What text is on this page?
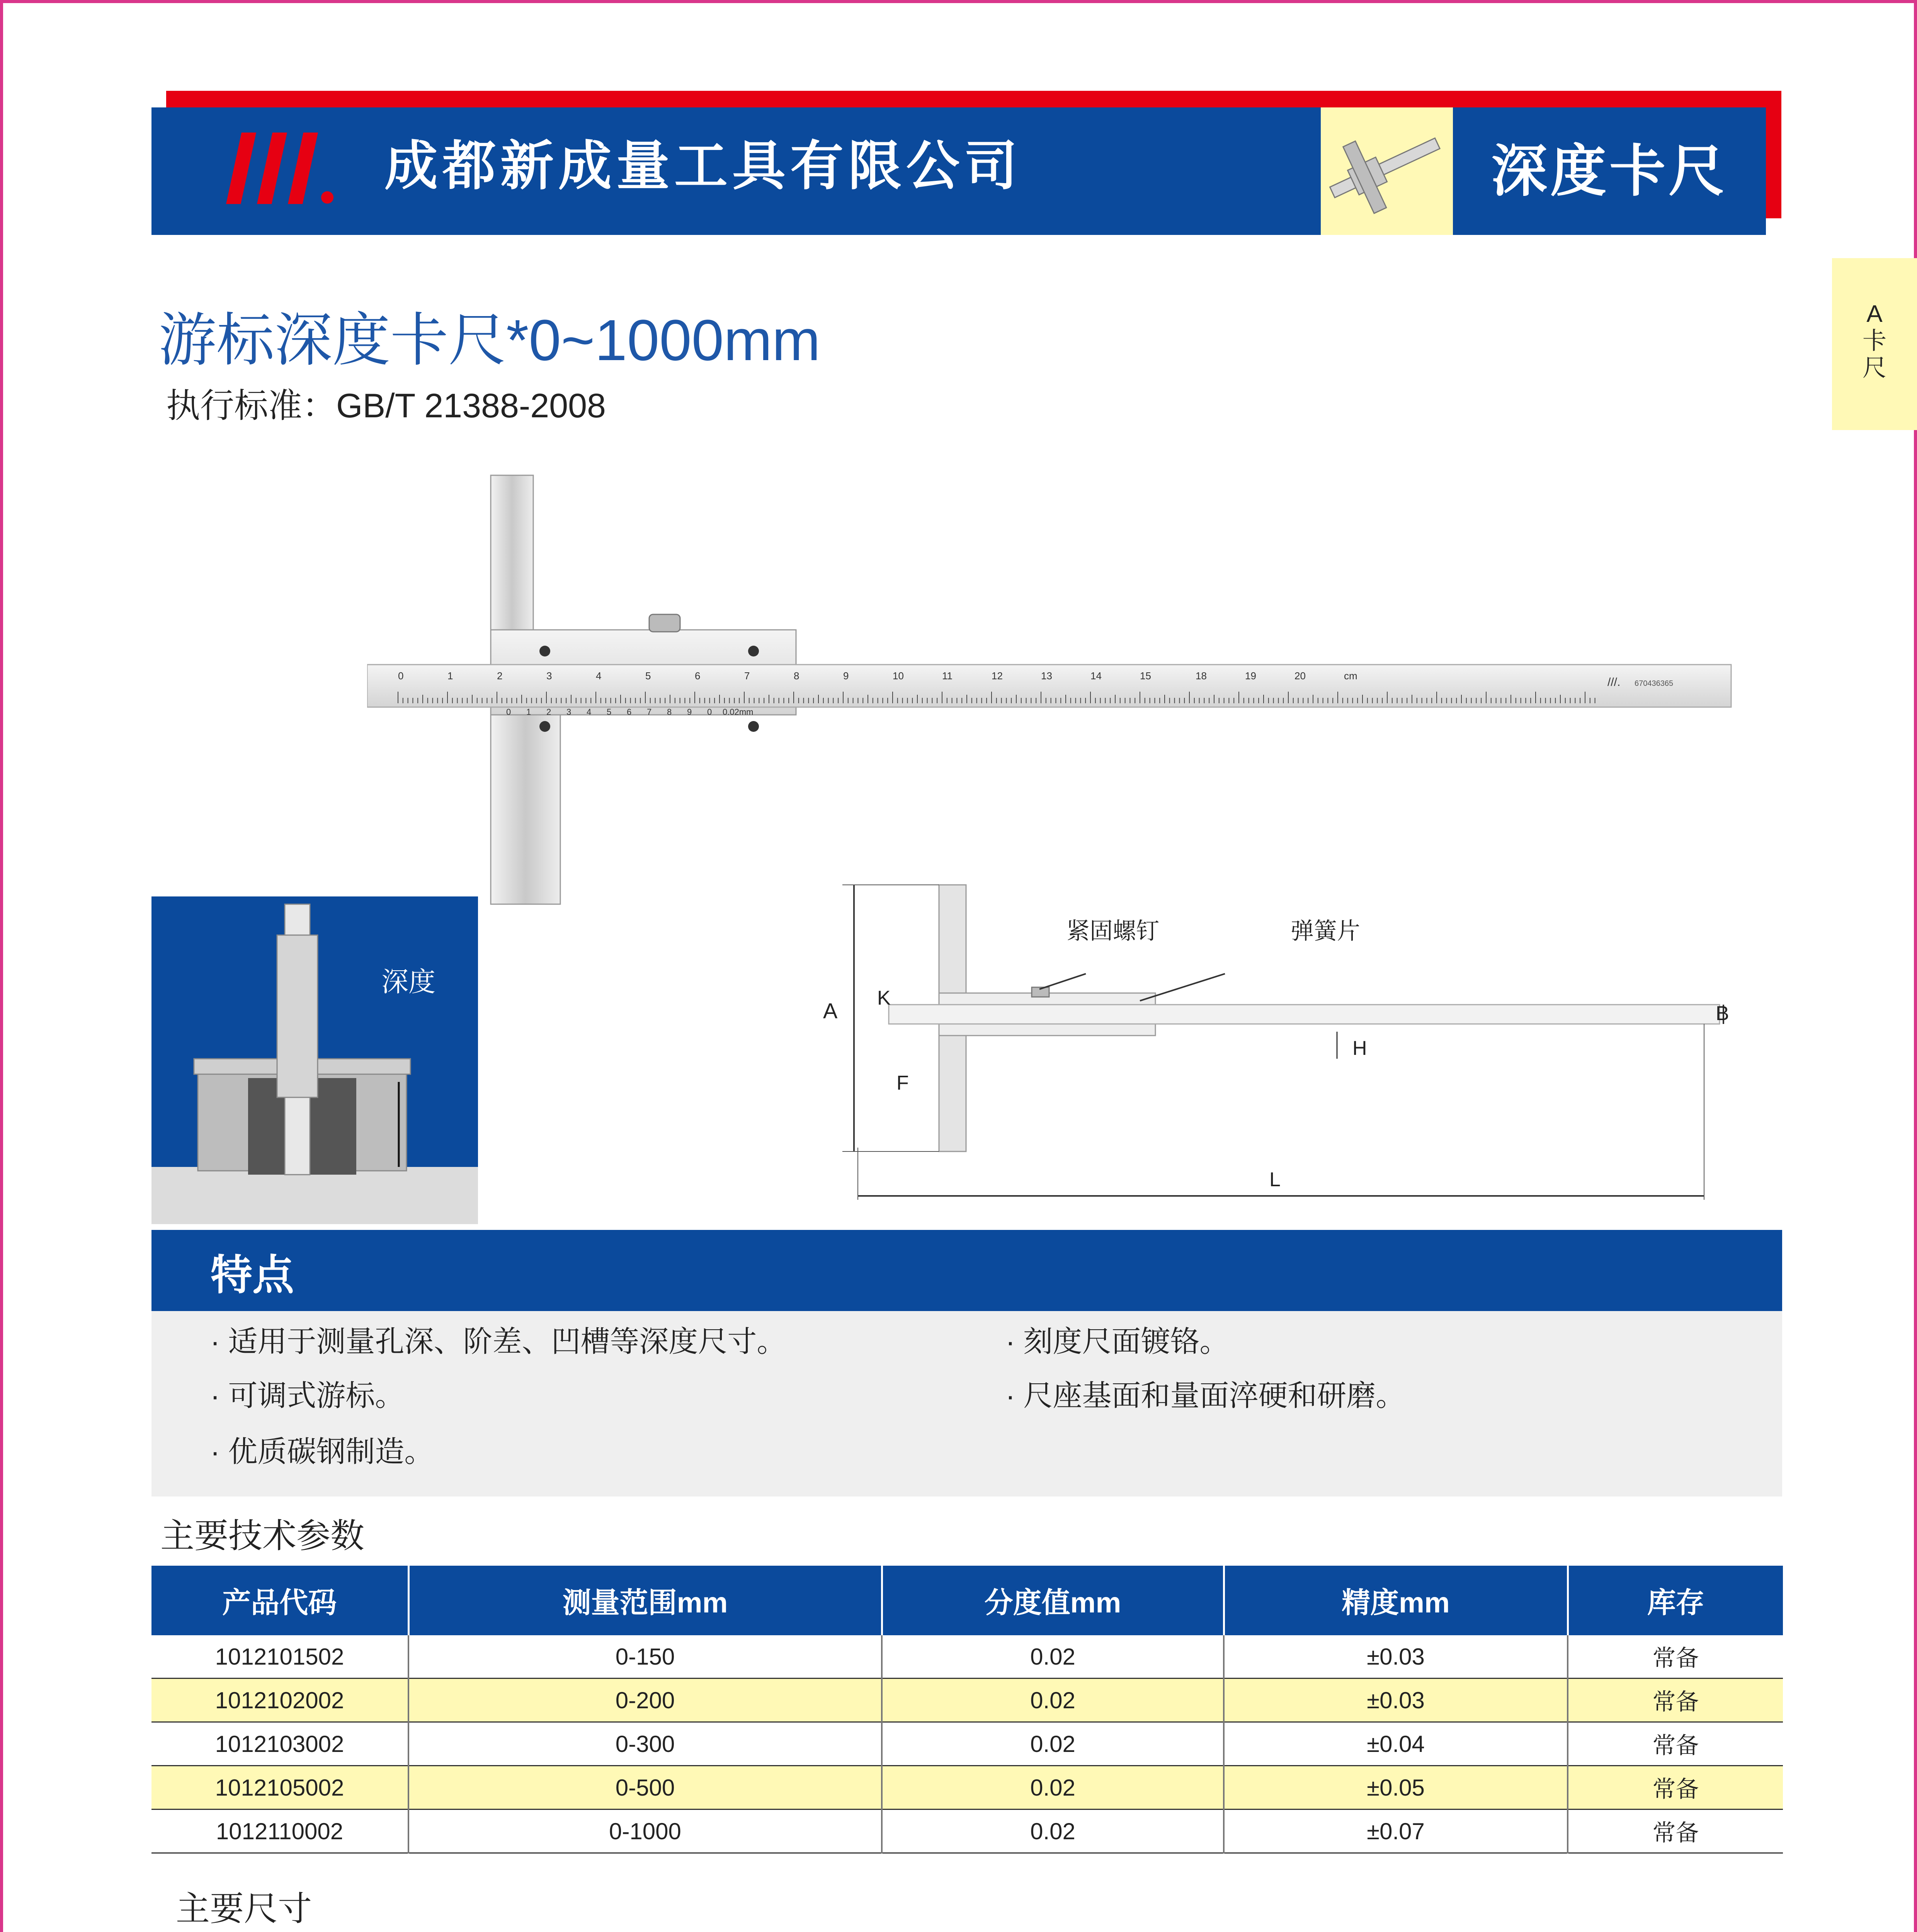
成都新成量工具有限公司	深度卡尺
A
卡
尺
游标深度卡尺*0~1000mm
执行标准：GB/T 21388-2008
0	1	2	3	4	5	6	7	8	9	10	11	12	13	14	15	18	19	20	cm	///. 670436365
0.02mm
0 1 2 3 4 5 6 7 8 9 0
深度
紧固螺钉	弹簧片
A
K
F
B
H
L
特点
· 适用于测量孔深、阶差、凹槽等深度尺寸。
· 可调式游标。
· 优质碳钢制造。
· 刻度尺面镀铬。
· 尺座基面和量面淬硬和研磨。
主要技术参数
产品代码	测量范围mm	分度值mm	精度mm	库存
1012101502	0-150	0.02	±0.03	常备
1012102002	0-200	0.02	±0.03	常备
1012103002	0-300	0.02	±0.04	常备
1012105002	0-500	0.02	±0.05	常备
1012110002	0-1000	0.02	±0.07	常备
主要尺寸
